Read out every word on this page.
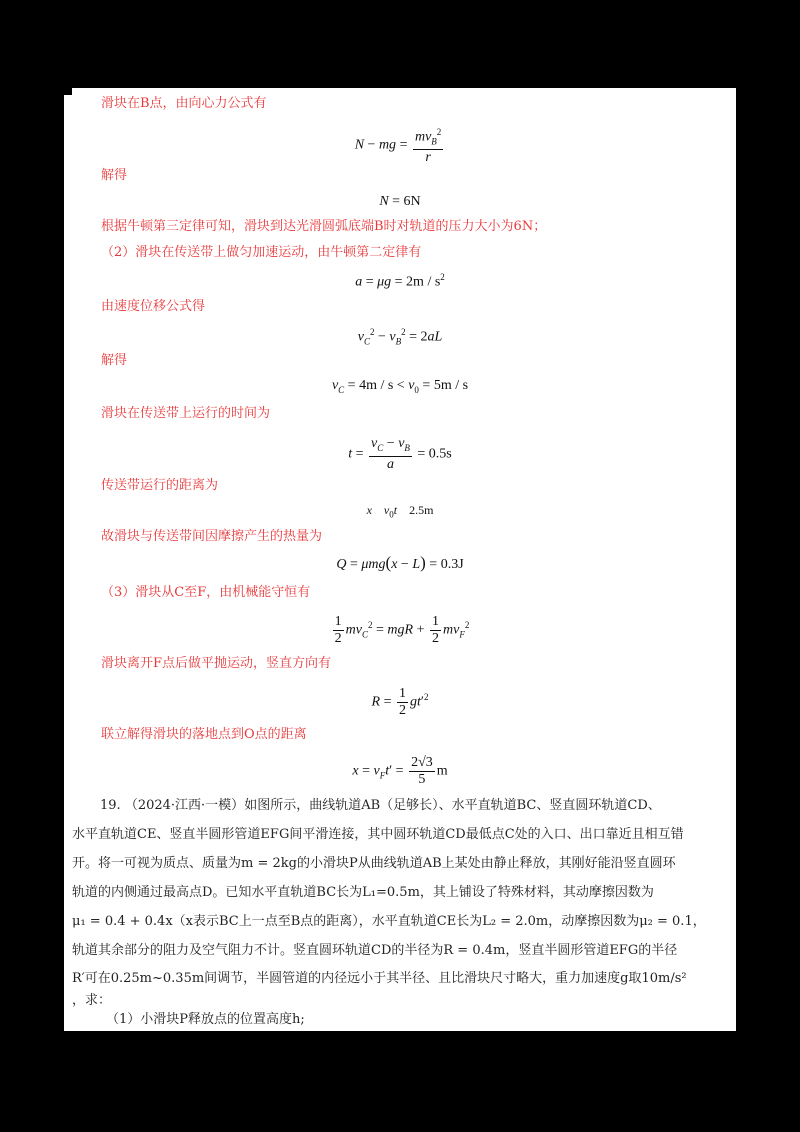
滑块在B点，由向心力公式有
N − mg = $\frac{mv_B^2}{r}$
解得
N = 6N
根据牛顿第三定律可知，滑块到达光滑圆弧底端B时对轨道的压力大小为6N；
（2）滑块在传送带上做匀加速运动，由牛顿第二定律有
$a = \mu g = 2m / s^2$
由速度位移公式得
$v_C^2 - v_B^2 = 2aL$
解得
$v_C = 4m / s < v_0 = 5m / s$
滑块在传送带上运行的时间为
$t = \frac{v_C - v_B}{a} = 0.5s$
传送带运行的距离为
x $v_0t$    2.5m
故滑块与传送带间因摩擦产生的热量为
Q = μmg(x − L) = 0.3J
（3）滑块从C至F，由机械能守恒有
$\frac{1}{2} mv_C^2$ = mgR + $\frac{1}{2} mv_F^2$
滑块离开F点后做平抛运动，竖直方向有
$R = \frac{1}{2} gt'^2$
联立解得滑块的落地点到O点的距离
$x = v_Ft' = \frac{2√3}{5}$ m
19. （2024·江西·一模）如图所示，曲线轨道AB（足够长）、水平直轨道BC、竖直圆环轨道CD、
水平直轨道CE、竖直半圆形管道EFG间平滑连接，其中圆环轨道CD最低点C处的入口、出口靠近且相互错
开。将一可视为质点、质量为m = 2kg的小滑块P从曲线轨道AB上某处由静止释放，其刚好能沿竖直圆环
轨道的内侧通过最高点D。已知水平直轨道BC长为L₁=0.5m，其上铺设了特殊材料，其动摩擦因数为
μ₁ = 0.4 + 0.4x（x表示BC上一点至B点的距离），水平直轨道CE长为L₂ = 2.0m，动摩擦因数为μ₂ = 0.1，
轨道其余部分的阻力及空气阻力不计。竖直圆环轨道CD的半径为R = 0.4m，竖直半圆形管道EFG的半径
R′可在0.25m~0.35m间调节，半圆管道的内径远小于其半径、且比滑块尺寸略大，重力加速度g取10m/s²
，求：
（1）小滑块P释放点的位置高度h;
